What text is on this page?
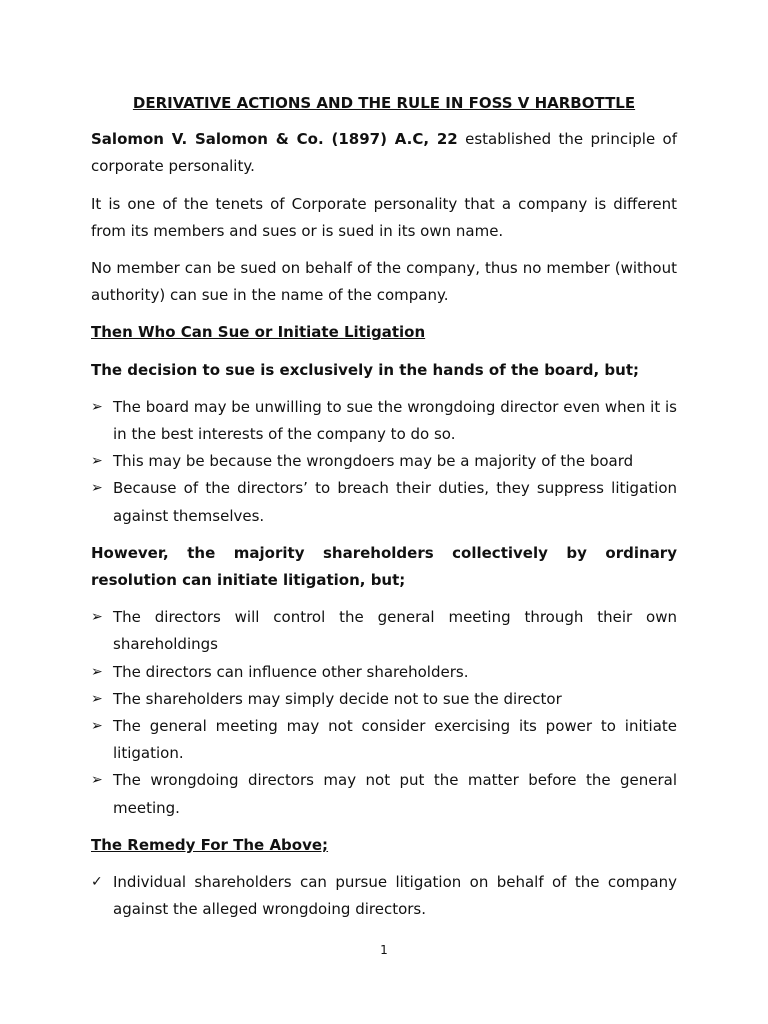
DERIVATIVE ACTIONS AND THE RULE IN FOSS V HARBOTTLE

Salomon V. Salomon & Co. (1897) A.C, 22 established the principle of corporate personality.

It is one of the tenets of Corporate personality that a company is different from its members and sues or is sued in its own name.

No member can be sued on behalf of the company, thus no member (without authority) can sue in the name of the company.

Then Who Can Sue or Initiate Litigation
The decision to sue is exclusively in the hands of the board, but;
➢ The board may be unwilling to sue the wrongdoing director even when it is in the best interests of the company to do so.
➢ This may be because the wrongdoers may be a majority of the board
➢ Because of the directors’ to breach their duties, they suppress litigation against themselves.
However, the majority shareholders collectively by ordinary resolution can initiate litigation, but;
➢ The directors will control the general meeting through their own shareholdings
➢ The directors can influence other shareholders.
➢ The shareholders may simply decide not to sue the director
➢ The general meeting may not consider exercising its power to initiate litigation.
➢ The wrongdoing directors may not put the matter before the general meeting.
The Remedy For The Above;
✓ Individual shareholders can pursue litigation on behalf of the company against the alleged wrongdoing directors.
1
